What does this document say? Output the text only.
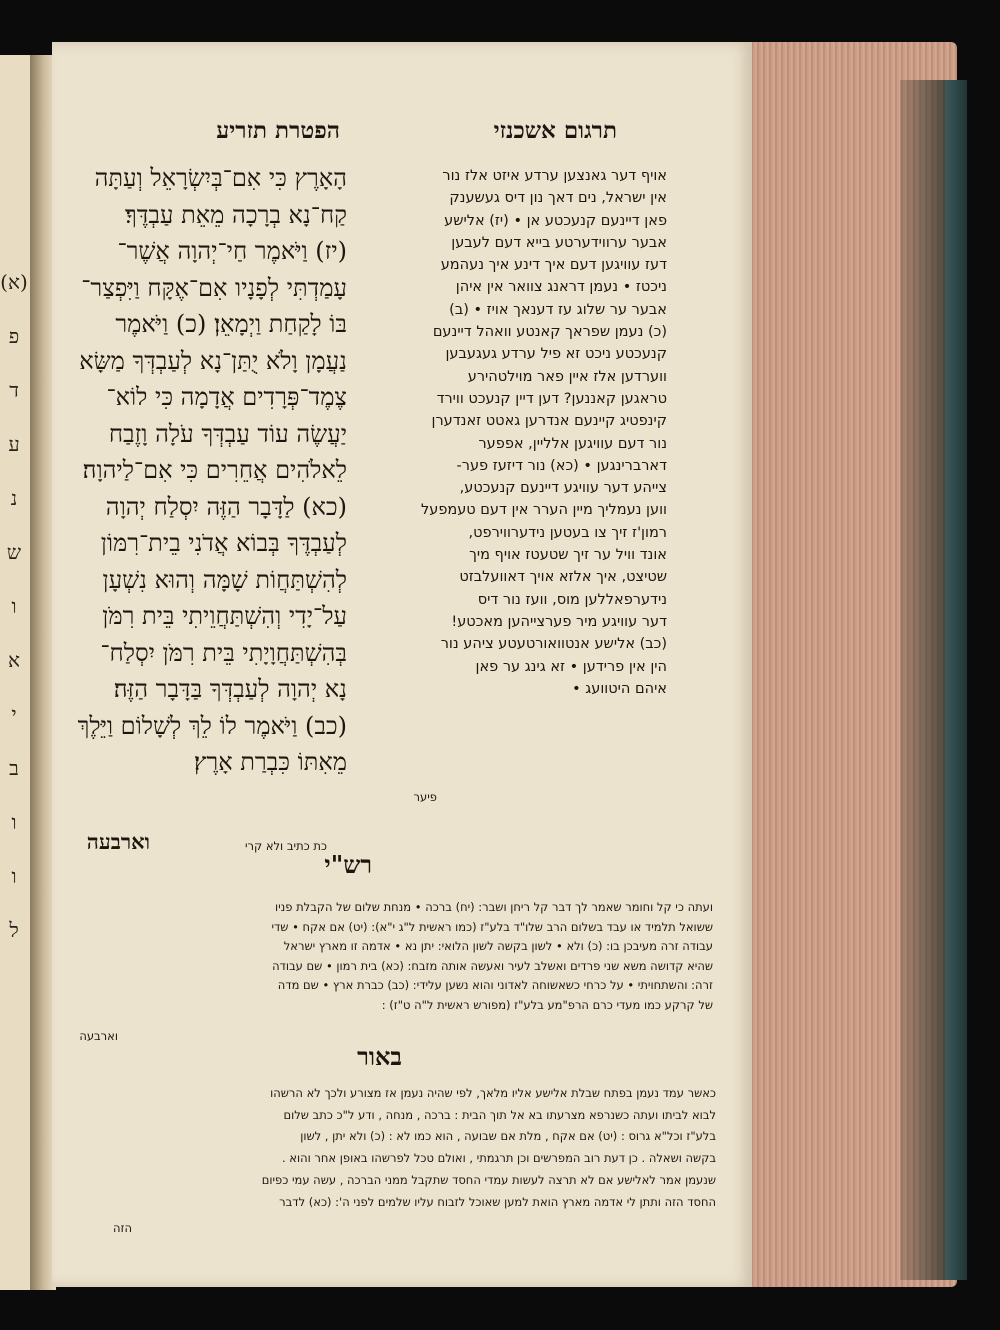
(א)
פ
ד
ע
נ
ש
ו
א
י
ב
ו
ו
ל
הפטרת תזריע	תרגום אשכנזי
הָאָרֶץ כִּי אִם־בְּיִשְׂרָאֵל וְעַתָּה
קַח־נָא בְרָכָה מֵאֵת עַבְדֶּךָ׃
(יז) וַיֹּאמֶר חַי־יְהוָה אֲשֶׁר־
עָמַדְתִּי לְפָנָיו אִם־אֶקָּח וַיִּפְצַר־
בּוֹ לָקַחַת וַיְמָאֵן׃ (כ) וַיֹּאמֶר
נַעֲמָן וָלֹא יֻתַּן־נָא לְעַבְדְּךָ מַשָּׂא
צֶמֶד־פְּרָדִים אֲדָמָה כִּי לוֹא־
יַעֲשֶׂה עוֹד עַבְדְּךָ עֹלָה וָזֶבַח
לֵאלֹהִים אֲחֵרִים כִּי אִם־לַיהוָה׃
(כא) לַדָּבָר הַזֶּה יִסְלַח יְהוָה
לְעַבְדֶּךָ בְּבוֹא אֲדֹנִי בֵית־רִמּוֹן
לְהִשְׁתַּחֲוֹת שָׁמָּה וְהוּא נִשְׁעָן
עַל־יָדִי וְהִשְׁתַּחֲוֵיתִי בֵּית רִמֹּן
בְּהִשְׁתַּחֲוָיָתִי בֵּית רִמֹּן יִסְלַח־
נָא יְהוָה לְעַבְדְּךָ בַּדָּבָר הַזֶּה׃
(כב) וַיֹּאמֶר לוֹ לֵךְ לְשָׁלוֹם וַיֵּלֶךְ
מֵאִתּוֹ כִּבְרַת אָרֶץ׃
אויף דער גאנצען ערדע איזט אלז נור
אין ישראל, נים דאך נון דיס געשענק
פאן דיינעם קנעכטע אן • (יז) אלישע
אבער ערווידערטע בייא דעם לעבען
דעז עוויגען דעם איך דינע איך נעהמע
ניכטז • נעמן דראנג צוואר אין איהן
אבער ער שלוג עז דענאך אויז • (ב)
(כ) נעמן שפראך קאנטע וואהל דיינעם
קנעכטע ניכט זא פיל ערדע געגעבען
ווערדען אלז איין פאר מוילטהירע
טראגען קאננען? דען דיין קנעכט ווירד
קינפטיג קיינעם אנדרען גאטט זאנדערן
נור דעם עוויגען אלליין, אפפער
דארברינגען • (כא) נור דיזעז פער-
צייהע דער עוויגע דיינעם קנעכטע,
ווען נעמליך מיין הערר אין דעם טעמפעל
רמון'ז זיך צו בעטען נידערווירפט,
אונד וויל ער זיך שטעטז אויף מיך
שטיצט, איך אלזא אויך דאוועלבזט
נידערפאללען מוס, וועז נור דיס
דער עוויגע מיר פערצייהען מאכטע!
(כב) אלישע אנטוואורטעטע ציהע נור
הין אין פרידען • זא גינג ער פאן
איהם היטוועג •
פיער
כת כתיב ולא קרי
וארבעה
רש"י
ועתה כי קל וחומר שאמר לך דבר קל ריחן ושבר: (יח) ברכה • מנחת שלום של הקבלת פניו
ששואל תלמיד או עבד בשלום הרב שלו"ד בלע"ז (כמו ראשית ל"ג י"א): (יט) אם אקח • שדי
עבודה זרה מעיבכן בו: (כ) ולא • לשון בקשה לשון הלואי: יתן נא • אדמה זו מארץ ישראל
שהיא קדושה משא שני פרדים ואשלב לעיר ואעשה אותה מזבח: (כא) בית רמון • שם עבודה
זרה: והשתחויתי • על כרחי כשאשוחה לאדוני והוא נשען עלידי: (כב) כברת ארץ • שם מדה
של קרקע כמו מעדי כרם הרפ"מע בלע"ז (מפורש ראשית ל"ה ט"ז) :
וארבעה
באור
כאשר עמד נעמן בפתח שבלת אלישע אליו מלאך, לפי שהיה נעמן אז מצורע ולכך לא הרשהו
לבוא לביתו ועתה כשנרפא מצרעתו בא אל תוך הבית : ברכה , מנחה , ודע ל"כ כתב שלום
בלע"ז וכל"א גרוס : (יט) אם אקח , מלת אם שבועה , הוא כמו לא : (כ) ולא יתן , לשון
בקשה ושאלה . כן דעת רוב המפרשים וכן תרגמתי , ואולם טכל לפרשהו באופן אחר והוא .
שנעמן אמר לאלישע אם לא תרצה לעשות עמדי החסד שתקבל ממני הברכה , עשה עמי כפיום
החסד הזה ותתן לי אדמה מארץ הואת למען שאוכל לזבוח עליו שלמים לפני ה': (כא) לדבר
הזה
